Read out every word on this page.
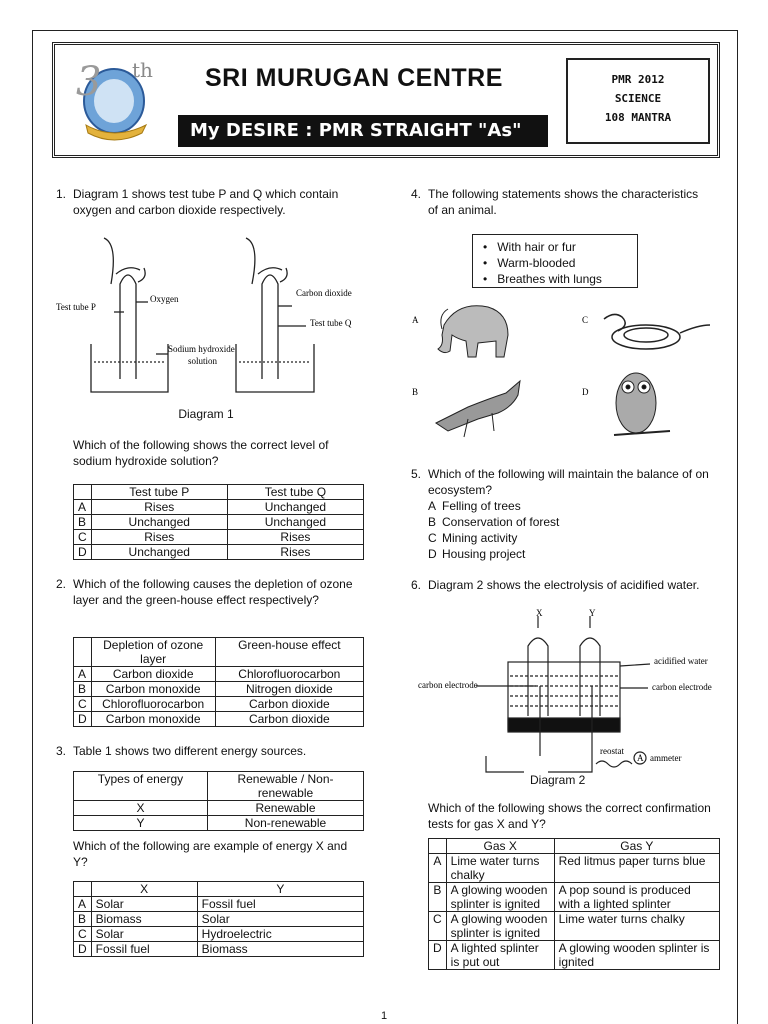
3 th SRI MURUGAN CENTRE
My DESIRE : PMR STRAIGHT "As"
PMR 2012
SCIENCE
108 MANTRA
1. Diagram 1 shows test tube P and Q which contain oxygen and carbon dioxide respectively.
Test tube P
Oxygen
Sodium hydroxide
solution
Carbon dioxide
Test tube Q
Diagram 1
Which of the following shows the correct level of sodium hydroxide solution?
	Test tube P	Test tube Q
A	Rises	Unchanged
B	Unchanged	Unchanged
C	Rises	Rises
D	Unchanged	Rises
2. Which of the following causes the depletion of ozone layer and the green-house effect respectively?
	Depletion of ozone layer	Green-house effect
A	Carbon dioxide	Chlorofluorocarbon
B	Carbon monoxide	Nitrogen dioxide
C	Chlorofluorocarbon	Carbon dioxide
D	Carbon monoxide	Carbon dioxide
3. Table 1 shows two different energy sources.
Types of energy	Renewable / Non-renewable
X	Renewable
Y	Non-renewable
Which of the following are example of energy X and Y?
	X	Y
A	Solar	Fossil fuel
B	Biomass	Solar
C	Solar	Hydroelectric
D	Fossil fuel	Biomass
4. The following statements shows the characteristics of an animal.
•   With hair or fur
•   Warm-blooded
•   Breathes with lungs
A	C
B	D
5. Which of the following will maintain the balance of on ecosystem?
A Felling of trees
B Conservation of forest
C Mining activity
D Housing project
6. Diagram 2 shows the electrolysis of acidified water.
X	Y
acidified water
carbon electrode	carbon electrode
reostat
A ammeter
Diagram 2
Which of the following shows the correct confirmation tests for gas X and Y?
	Gas X	Gas Y
A	Lime water turns chalky	Red litmus paper turns blue
B	A glowing wooden splinter is ignited	A pop sound is produced with a lighted splinter
C	A glowing wooden splinter is ignited	Lime water turns chalky
D	A lighted splinter is put out	A glowing wooden splinter is ignited
1
